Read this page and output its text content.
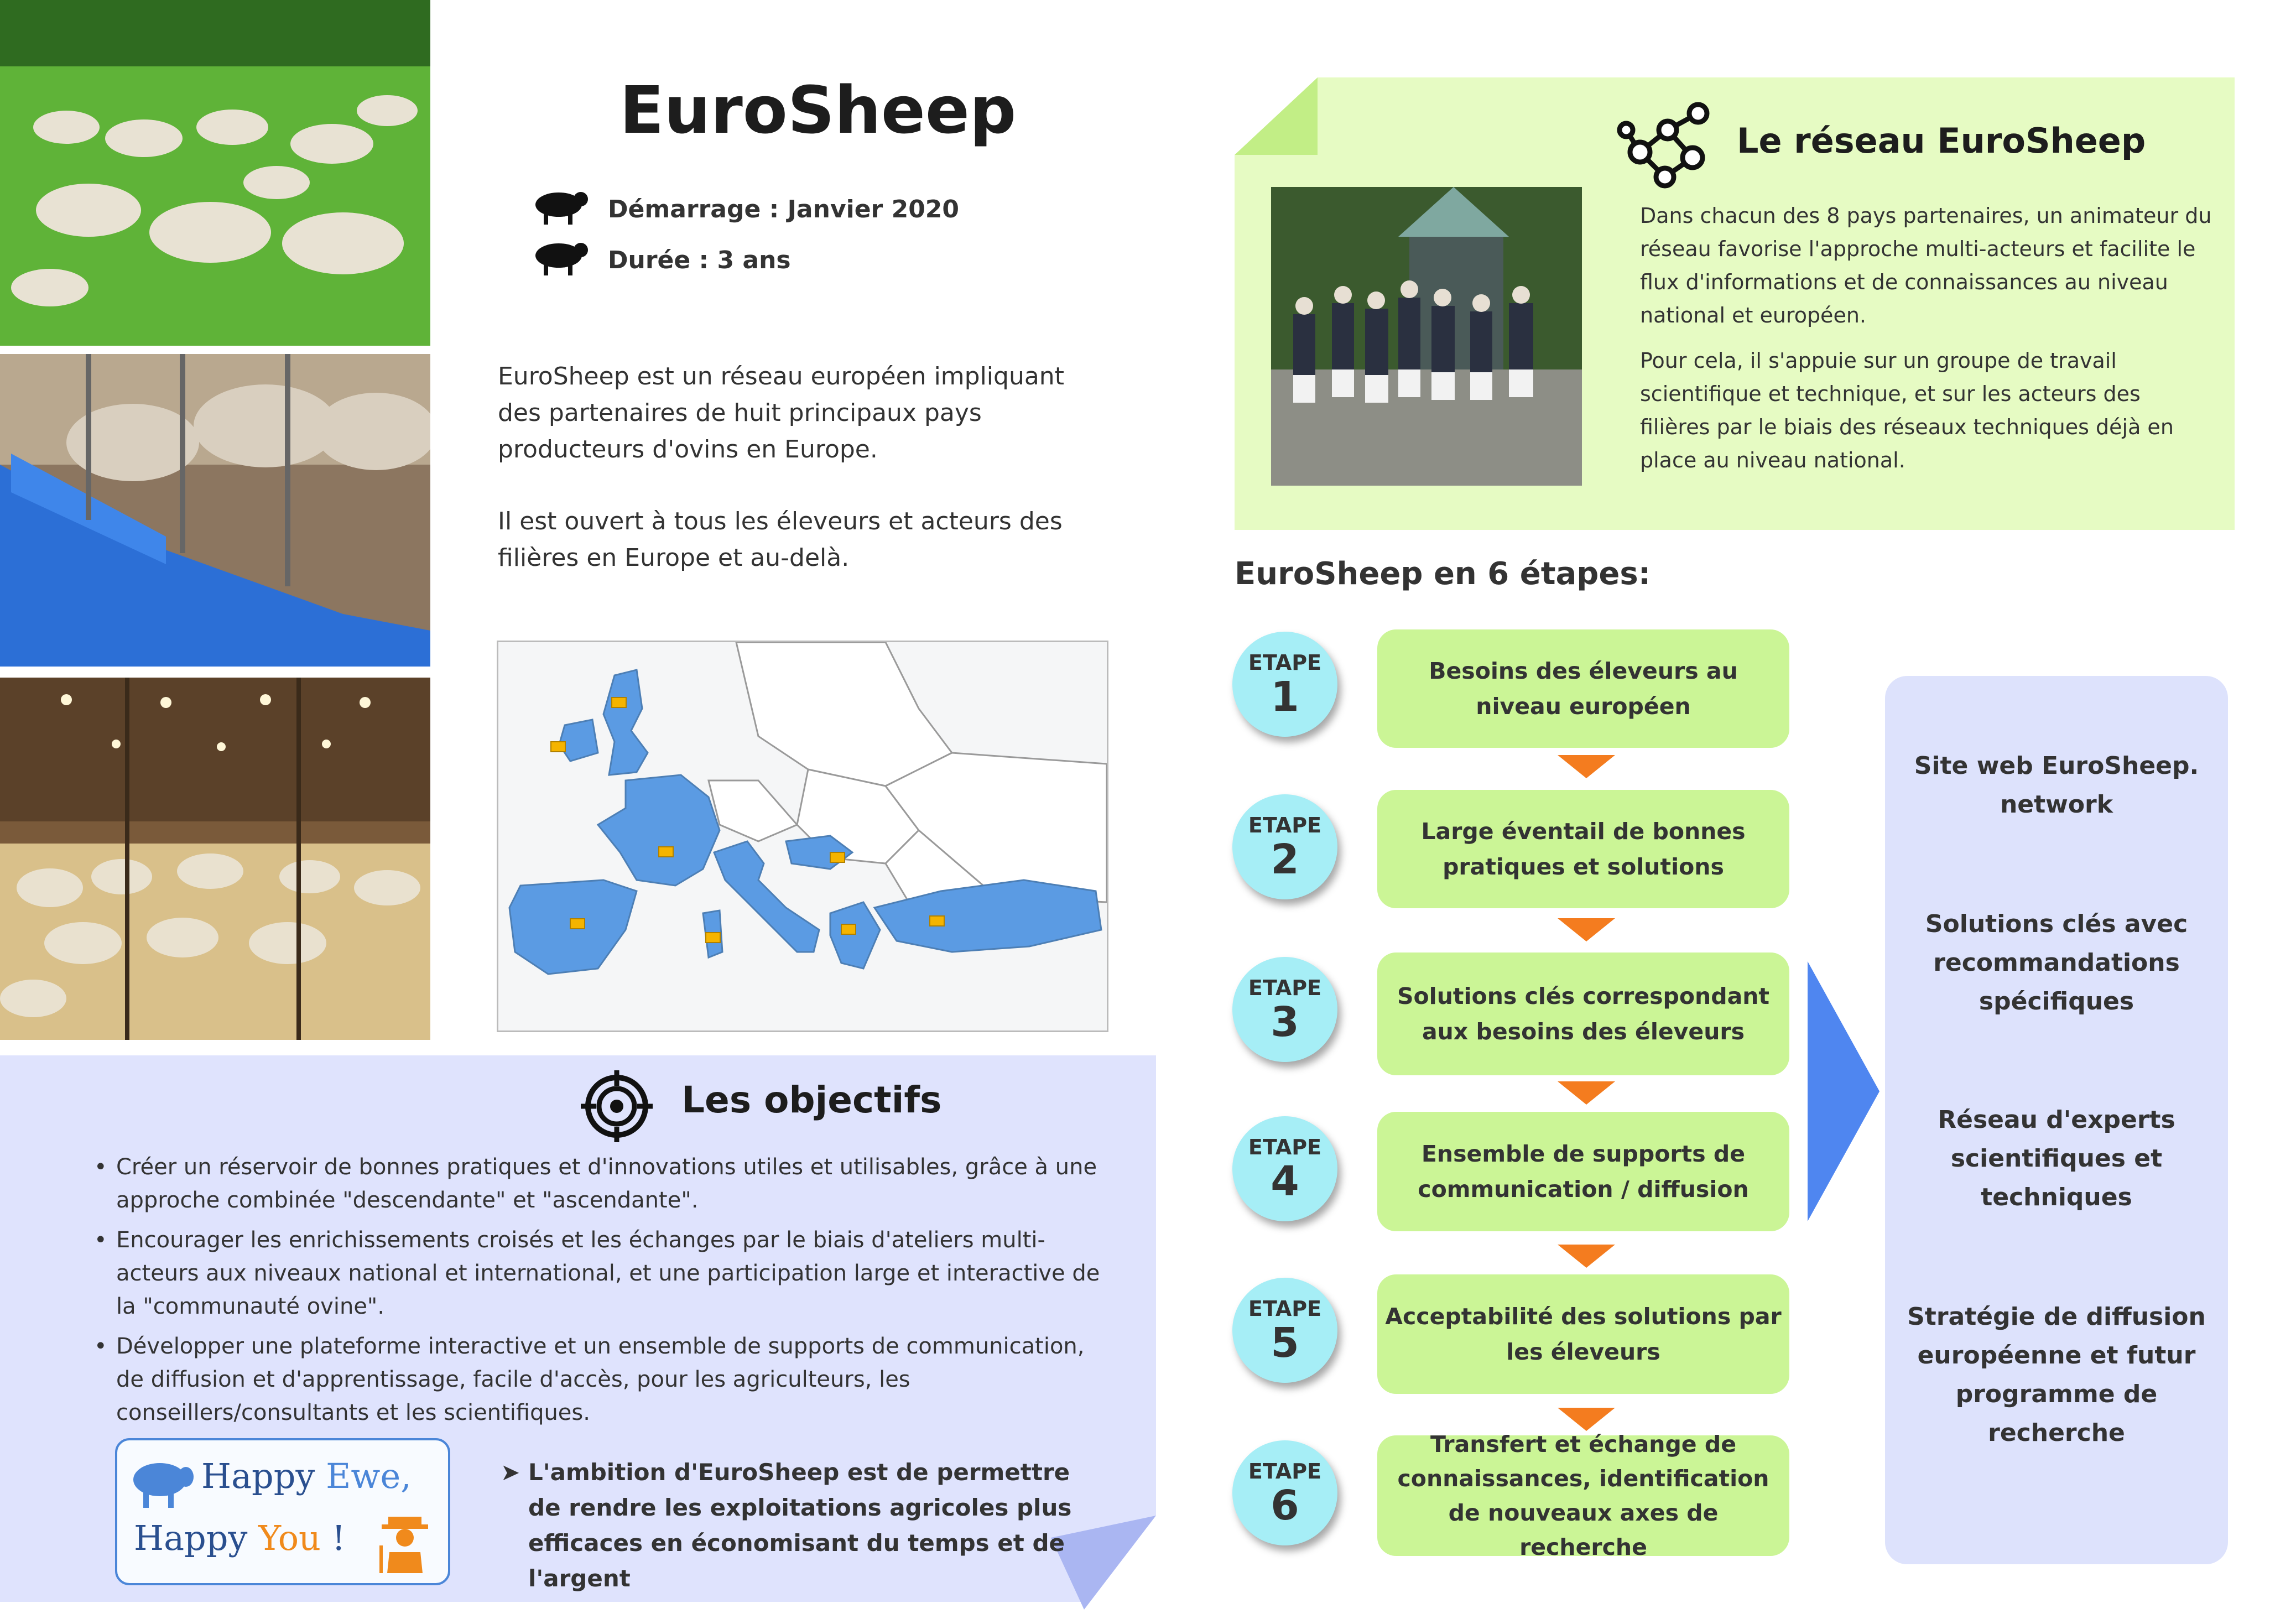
EuroSheep
Démarrage : Janvier 2020
Durée : 3 ans
EuroSheep est un réseau européen impliquant des partenaires de huit principaux pays producteurs d'ovins en Europe.
Il est ouvert à tous les éleveurs et acteurs des filières en Europe et au-delà.
Les objectifs
• Créer un réservoir de bonnes pratiques et d'innovations utiles et utilisables, grâce à une approche combinée "descendante" et "ascendante".
• Encourager les enrichissements croisés et les échanges par le biais d'ateliers multi-acteurs aux niveaux national et international, et une participation large et interactive de la "communauté ovine".
• Développer une plateforme interactive et un ensemble de supports de communication, de diffusion et d'apprentissage, facile d'accès, pour les agriculteurs, les conseillers/consultants et les scientifiques.
Happy Ewe,
Happy You !
➤ L'ambition d'EuroSheep est de permettre de rendre les exploitations agricoles plus efficaces en économisant du temps et de l'argent
Le réseau EuroSheep
Dans chacun des 8 pays partenaires, un animateur du réseau favorise l'approche multi-acteurs et facilite le flux d'informations et de connaissances au niveau national et européen.
Pour cela, il s'appuie sur un groupe de travail scientifique et technique, et sur les acteurs des filières par le biais des réseaux techniques déjà en place au niveau national.
EuroSheep en 6 étapes:
ETAPE
1
Besoins des éleveurs au niveau européen
ETAPE
2
Large éventail de bonnes pratiques et solutions
ETAPE
3
Solutions clés correspondant aux besoins des éleveurs
ETAPE
4
Ensemble de supports de communication / diffusion
ETAPE
5
Acceptabilité des solutions par les éleveurs
ETAPE
6
Transfert et échange de connaissances, identification de nouveaux axes de recherche
Site web EuroSheep. network
Solutions clés avec recommandations spécifiques
Réseau d'experts scientifiques et techniques
Stratégie de diffusion européenne et futur programme de recherche
